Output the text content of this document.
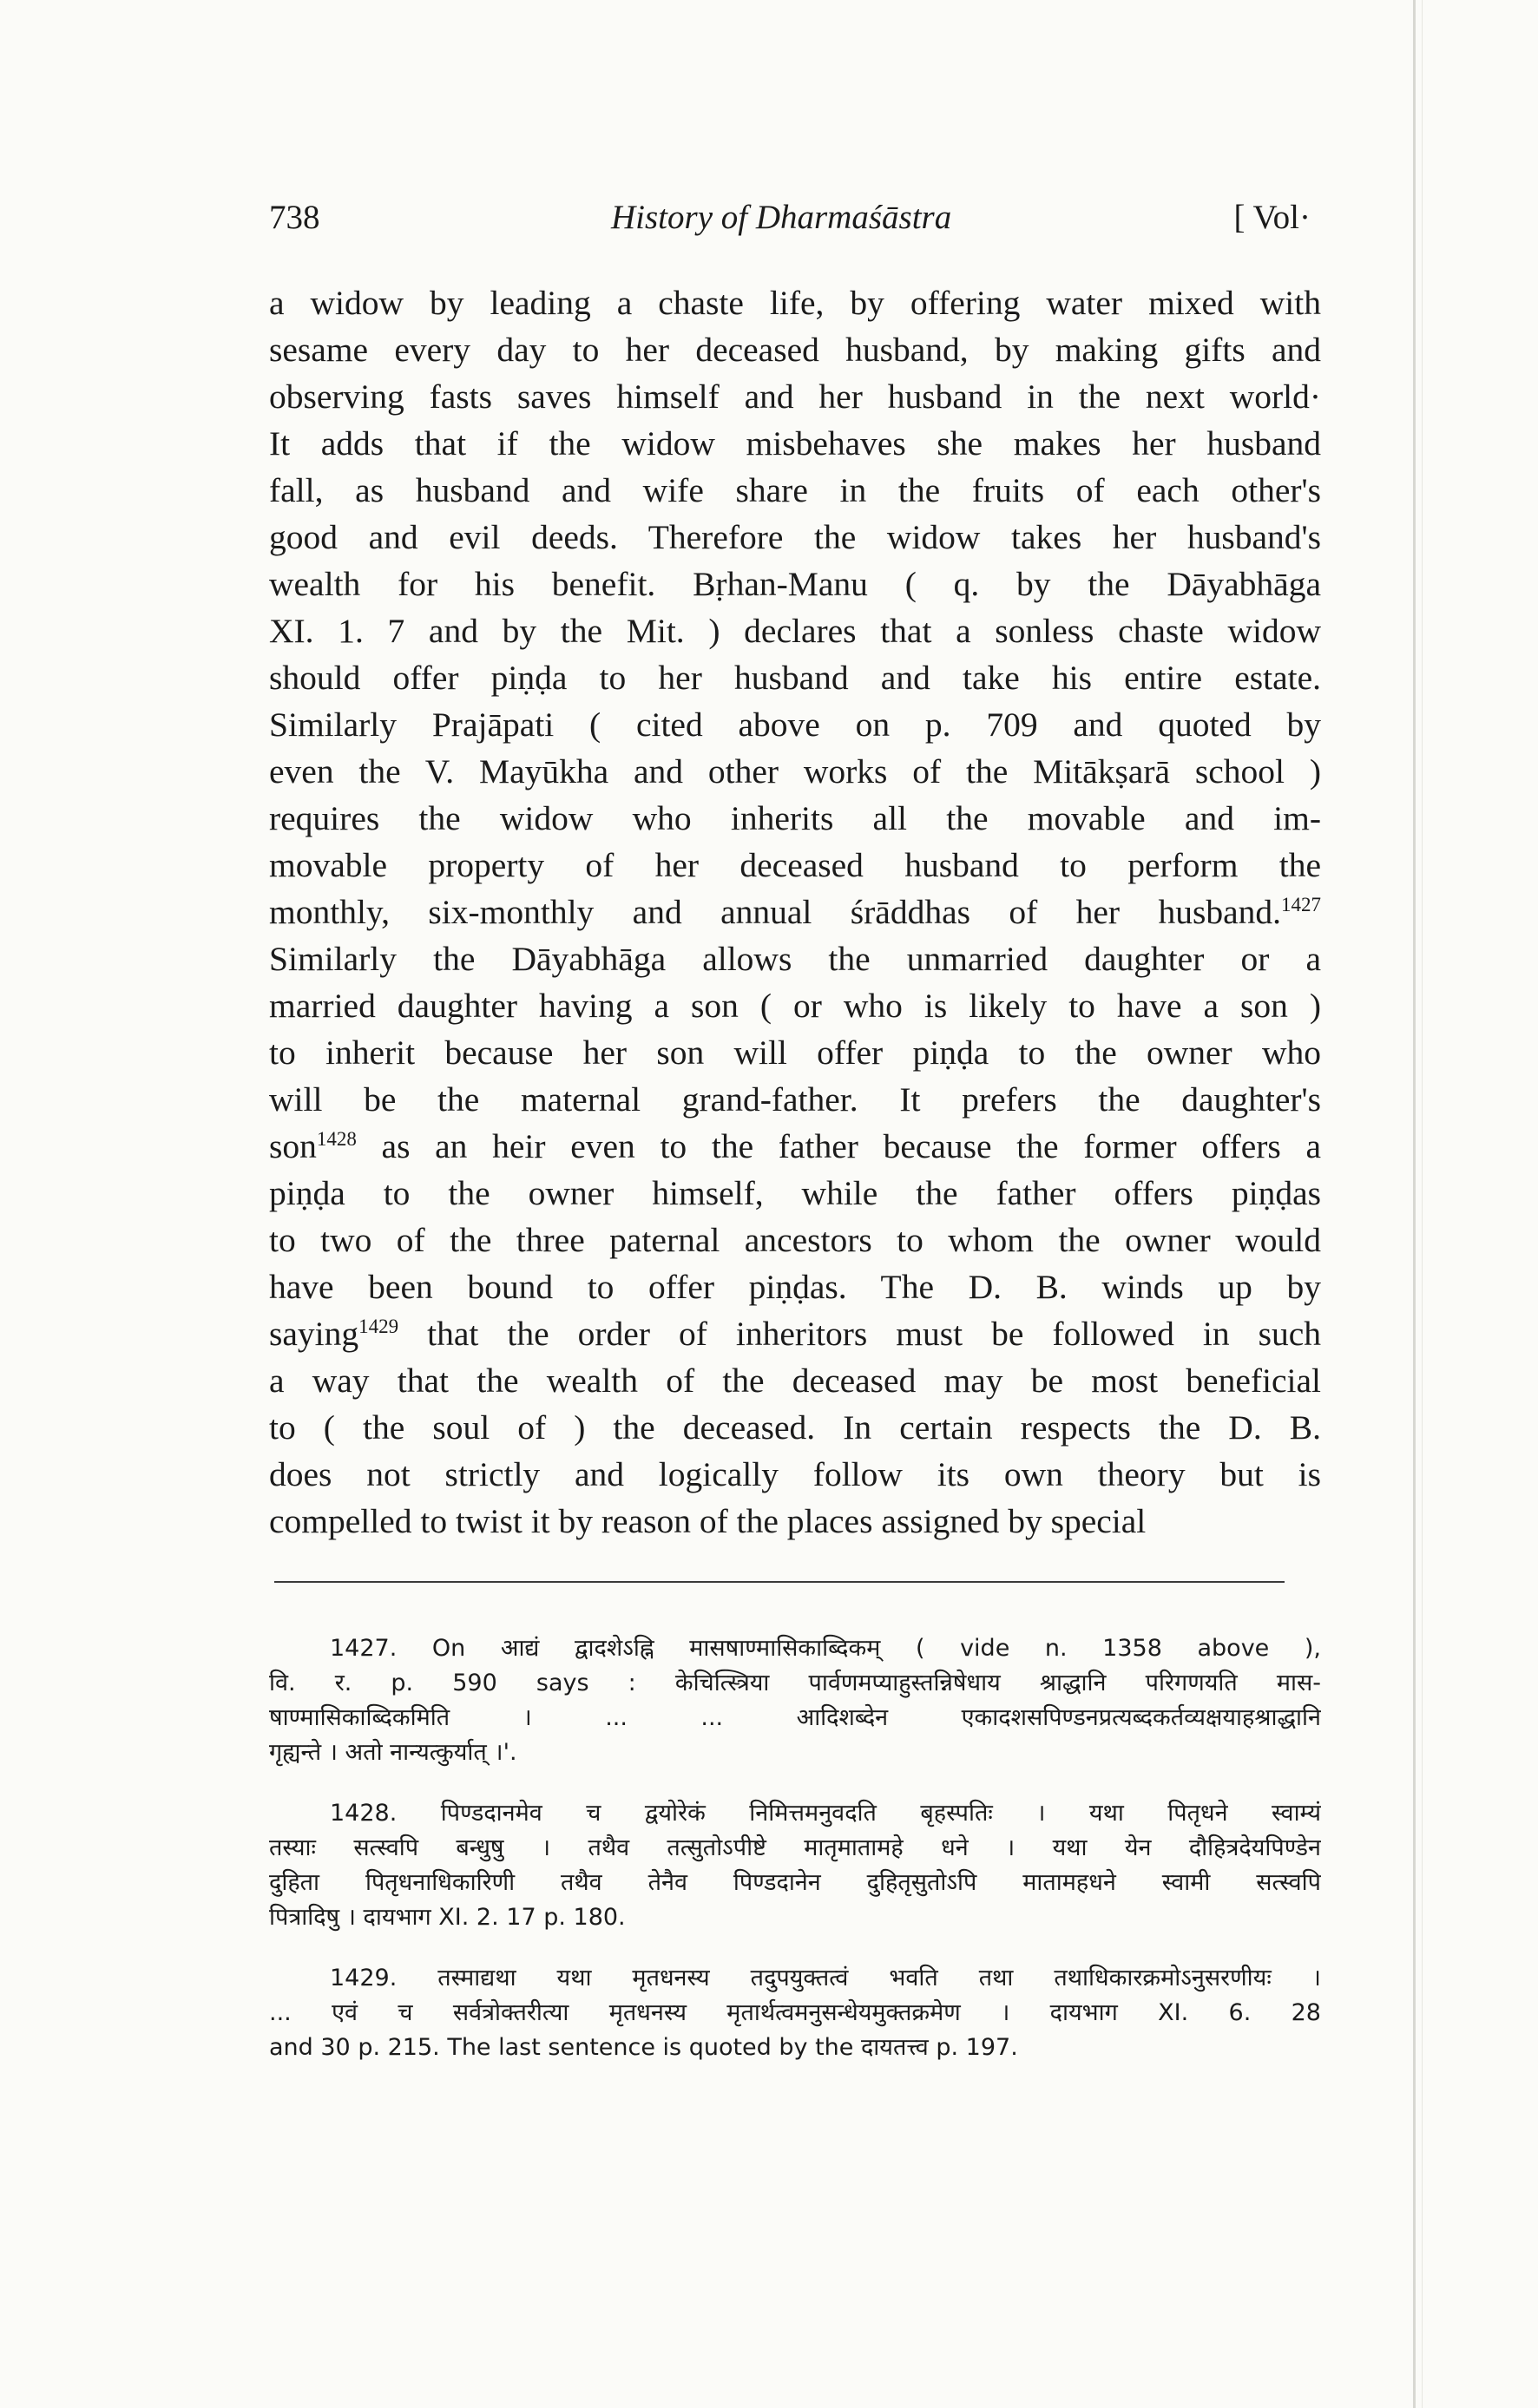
738	History of Dharmaśāstra	[ Vol·
a widow by leading a chaste life, by offering water mixed with
sesame every day to her deceased husband, by making gifts and
observing fasts saves himself and her husband in the next world·
It adds that if the widow misbehaves she makes her husband
fall, as husband and wife share in the fruits of each other's
good and evil deeds. Therefore the widow takes her husband's
wealth for his benefit. Bṛhan-Manu ( q. by the Dāyabhāga
XI. 1. 7 and by the Mit. ) declares that a sonless chaste widow
should offer piṇḍa to her husband and take his entire estate.
Similarly Prajāpati ( cited above on p. 709 and quoted by
even the V. Mayūkha and other works of the Mitākṣarā school )
requires the widow who inherits all the movable and im-
movable property of her deceased husband to perform the
monthly, six-monthly and annual śrāddhas of her husband.$^{1427}$
Similarly the Dāyabhāga allows the unmarried daughter or a
married daughter having a son ( or who is likely to have a son )
to inherit because her son will offer piṇḍa to the owner who
will be the maternal grand-father. It prefers the daughter's
son$^{1428}$ as an heir even to the father because the former offers a
piṇḍa to the owner himself, while the father offers piṇḍas
to two of the three paternal ancestors to whom the owner would
have been bound to offer piṇḍas. The D. B. winds up by
saying$^{1429}$ that the order of inheritors must be followed in such
a way that the wealth of the deceased may be most beneficial
to ( the soul of ) the deceased. In certain respects the D. B.
does not strictly and logically follow its own theory but is
compelled to twist it by reason of the places assigned by special
1427. On आद्यं द्वादशेऽह्नि मासषाण्मासिकाब्दिकम् ( vide n. 1358 above ),
वि. र. p. 590 says : केचित्स्त्रिया पार्वणमप्याहुस्तन्निषेधाय श्राद्धानि परिगणयति मास-
षाण्मासिकाब्दिकमिति । ... ... आदिशब्देन एकादशसपिण्डनप्रत्यब्दकर्तव्यक्षयाहश्राद्धानि
गृह्यन्ते । अतो नान्यत्कुर्यात् ।'.
1428. पिण्डदानमेव च द्वयोरेकं निमित्तमनुवदति बृहस्पतिः । यथा पितृधने स्वाम्यं
तस्याः सत्स्वपि बन्धुषु । तथैव तत्सुतोऽपीष्टे मातृमातामहे धने । यथा येन दौहित्रदेयपिण्डेन
दुहिता पितृधनाधिकारिणी तथैव तेनैव पिण्डदानेन दुहितृसुतोऽपि मातामहधने स्वामी सत्स्वपि
पित्रादिषु । दायभाग XI. 2. 17 p. 180.
1429. तस्माद्यथा यथा मृतधनस्य तदुपयुक्तत्वं भवति तथा तथाधिकारक्रमोऽनुसरणीयः ।
... एवं च सर्वत्रोक्तरीत्या मृतधनस्य मृतार्थत्वमनुसन्धेयमुक्तक्रमेण । दायभाग XI. 6. 28
and 30 p. 215. The last sentence is quoted by the दायतत्त्व p. 197.
